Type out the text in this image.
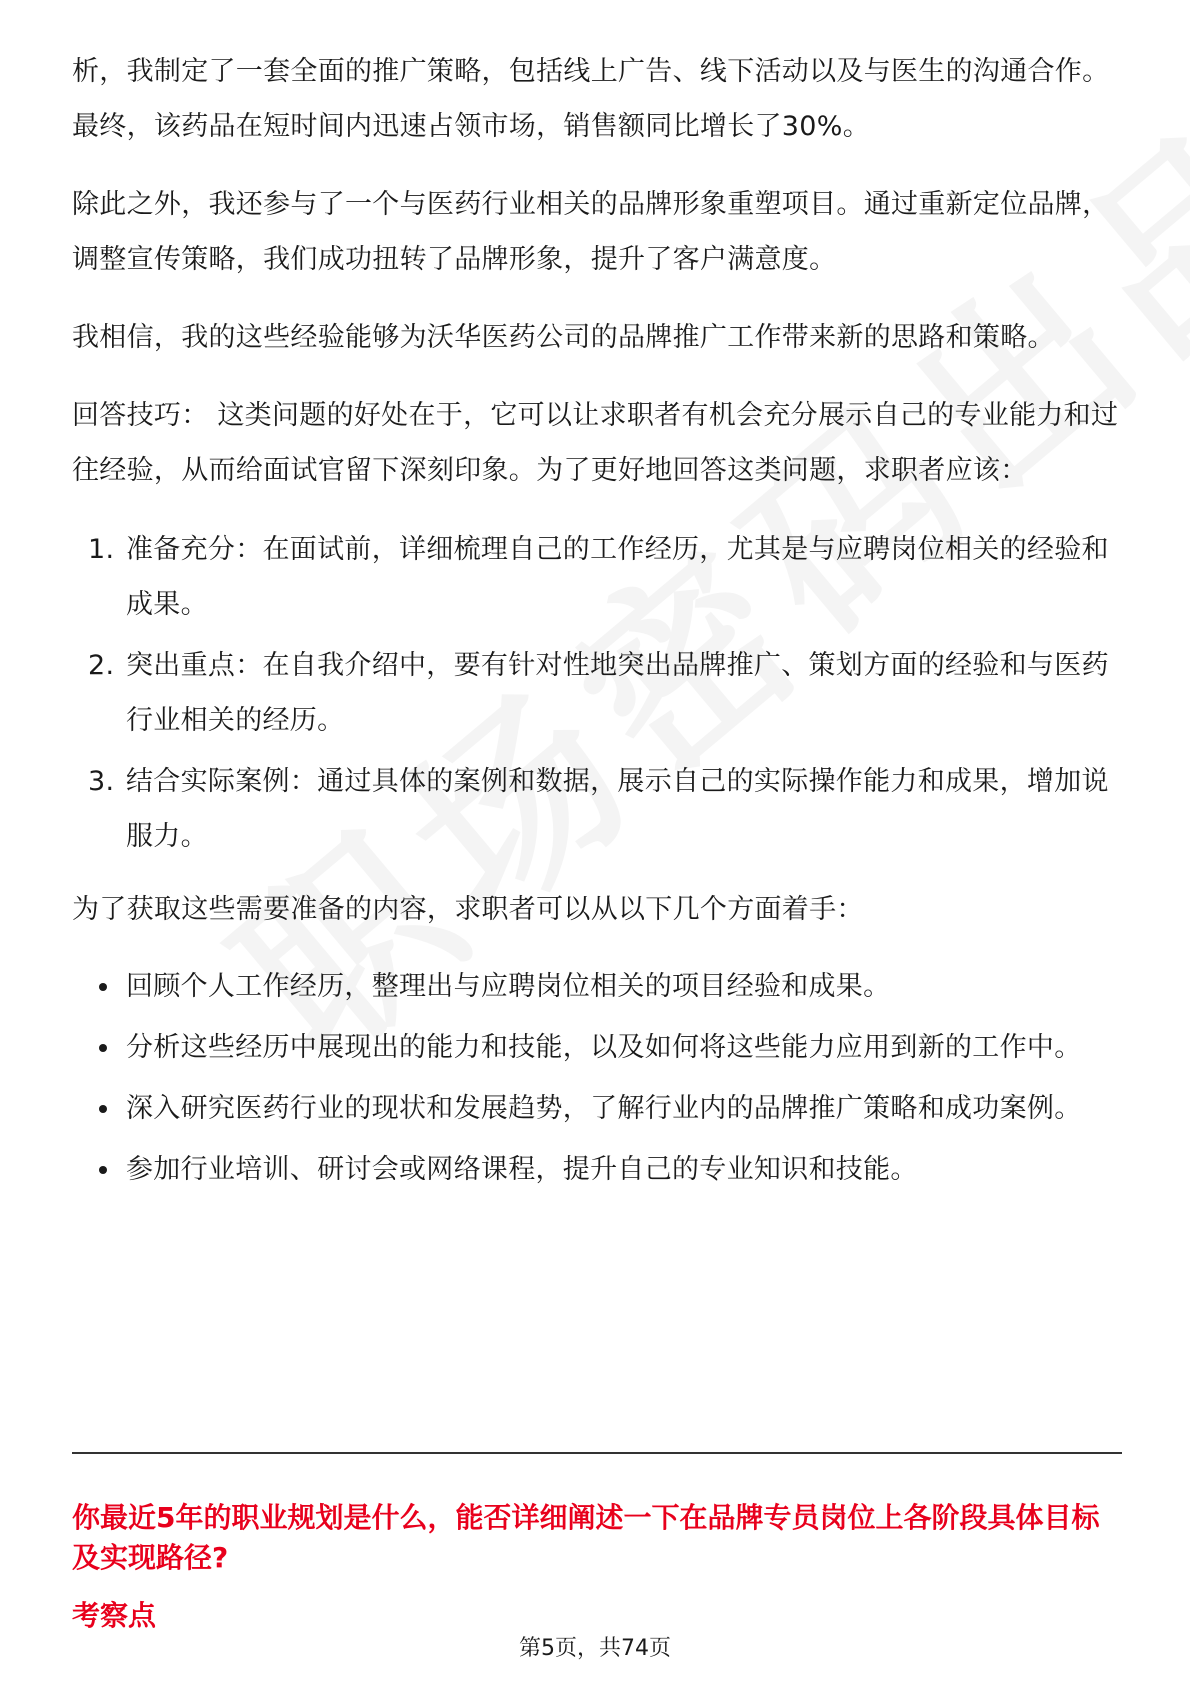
析，我制定了一套全面的推广策略，包括线上广告、线下活动以及与医生的沟通合作。最终，该药品在短时间内迅速占领市场，销售额同比增长了30%。

除此之外，我还参与了一个与医药行业相关的品牌形象重塑项目。通过重新定位品牌，调整宣传策略，我们成功扭转了品牌形象，提升了客户满意度。

我相信，我的这些经验能够为沃华医药公司的品牌推广工作带来新的思路和策略。

回答技巧： 这类问题的好处在于，它可以让求职者有机会充分展示自己的专业能力和过往经验，从而给面试官留下深刻印象。为了更好地回答这类问题，求职者应该：

1. 准备充分：在面试前，详细梳理自己的工作经历，尤其是与应聘岗位相关的经验和成果。
2. 突出重点：在自我介绍中，要有针对性地突出品牌推广、策划方面的经验和与医药行业相关的经历。
3. 结合实际案例：通过具体的案例和数据，展示自己的实际操作能力和成果，增加说服力。

为了获取这些需要准备的内容，求职者可以从以下几个方面着手：

回顾个人工作经历，整理出与应聘岗位相关的项目经验和成果。
分析这些经历中展现出的能力和技能，以及如何将这些能力应用到新的工作中。
深入研究医药行业的现状和发展趋势，了解行业内的品牌推广策略和成功案例。
参加行业培训、研讨会或网络课程，提升自己的专业知识和技能。

你最近5年的职业规划是什么，能否详细阐述一下在品牌专员岗位上各阶段具体目标及实现路径?

考察点

第5页，共74页
